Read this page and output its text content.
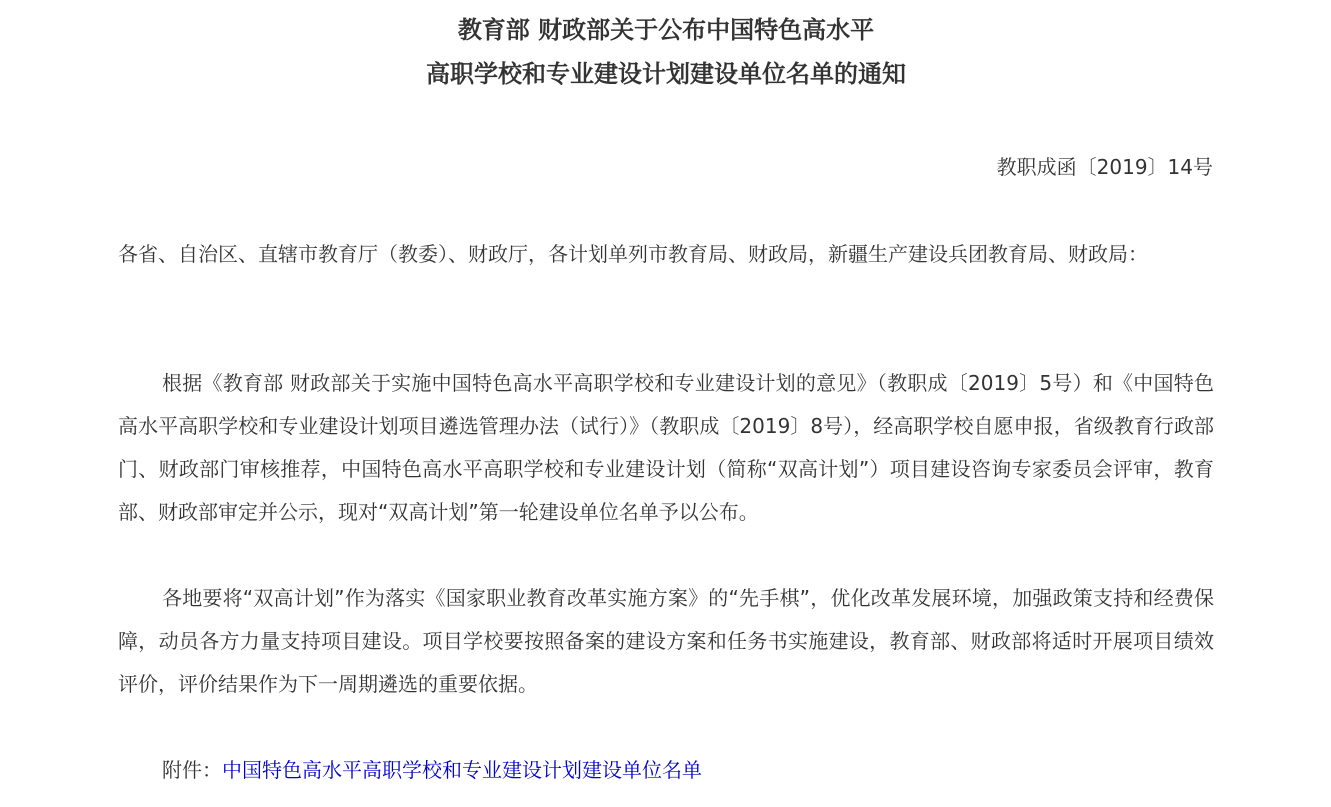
教育部 财政部关于公布中国特色高水平
高职学校和专业建设计划建设单位名单的通知
教职成函〔2019〕14号
各省、自治区、直辖市教育厅（教委）、财政厅，各计划单列市教育局、财政局，新疆生产建设兵团教育局、财政局：
根据《教育部 财政部关于实施中国特色高水平高职学校和专业建设计划的意见》（教职成〔2019〕5号）和《中国特色高水平高职学校和专业建设计划项目遴选管理办法（试行）》（教职成〔2019〕8号），经高职学校自愿申报，省级教育行政部门、财政部门审核推荐，中国特色高水平高职学校和专业建设计划（简称“双高计划”）项目建设咨询专家委员会评审，教育部、财政部审定并公示，现对“双高计划”第一轮建设单位名单予以公布。
各地要将“双高计划”作为落实《国家职业教育改革实施方案》的“先手棋”，优化改革发展环境，加强政策支持和经费保障，动员各方力量支持项目建设。项目学校要按照备案的建设方案和任务书实施建设，教育部、财政部将适时开展项目绩效评价，评价结果作为下一周期遴选的重要依据。
附件：中国特色高水平高职学校和专业建设计划建设单位名单
